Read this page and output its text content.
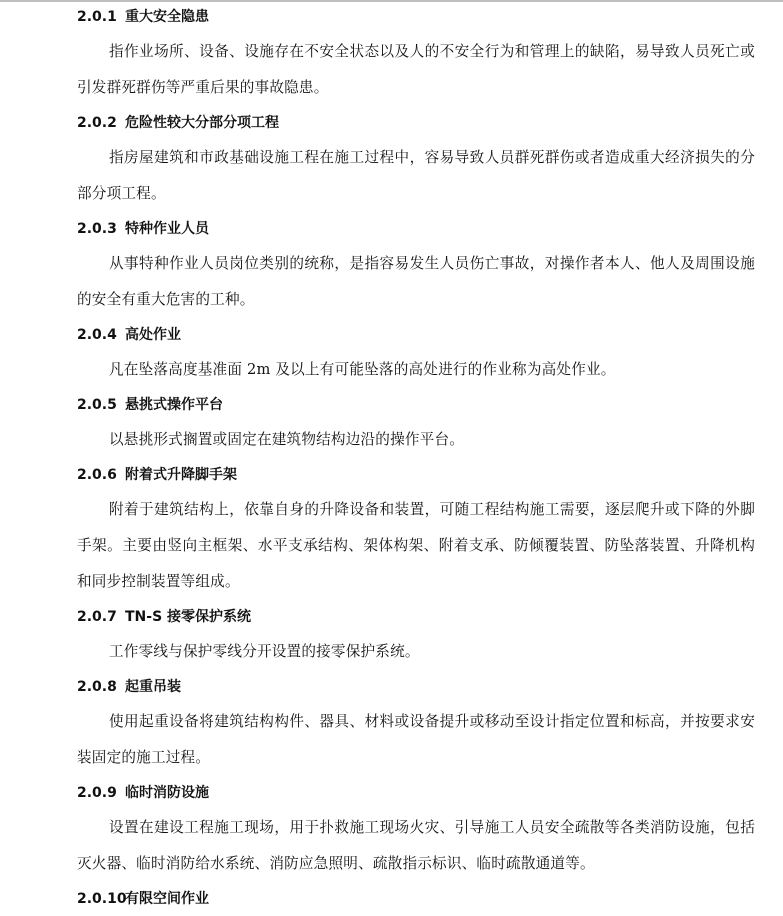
2.0.1 重大安全隐患

指作业场所、设备、设施存在不安全状态以及人的不安全行为和管理上的缺陷，易导致人员死亡或引发群死群伤等严重后果的事故隐患。

2.0.2 危险性较大分部分项工程

指房屋建筑和市政基础设施工程在施工过程中，容易导致人员群死群伤或者造成重大经济损失的分部分项工程。

2.0.3 特种作业人员

从事特种作业人员岗位类别的统称，是指容易发生人员伤亡事故，对操作者本人、他人及周围设施的安全有重大危害的工种。

2.0.4 高处作业

凡在坠落高度基准面 2m 及以上有可能坠落的高处进行的作业称为高处作业。

2.0.5 悬挑式操作平台

以悬挑形式搁置或固定在建筑物结构边沿的操作平台。

2.0.6 附着式升降脚手架

附着于建筑结构上，依靠自身的升降设备和装置，可随工程结构施工需要，逐层爬升或下降的外脚手架。主要由竖向主框架、水平支承结构、架体构架、附着支承、防倾覆装置、防坠落装置、升降机构和同步控制装置等组成。

2.0.7 TN-S 接零保护系统

工作零线与保护零线分开设置的接零保护系统。

2.0.8 起重吊装

使用起重设备将建筑结构构件、器具、材料或设备提升或移动至设计指定位置和标高，并按要求安装固定的施工过程。

2.0.9 临时消防设施

设置在建设工程施工现场，用于扑救施工现场火灾、引导施工人员安全疏散等各类消防设施，包括灭火器、临时消防给水系统、消防应急照明、疏散指示标识、临时疏散通道等。

2.0.10有限空间作业
